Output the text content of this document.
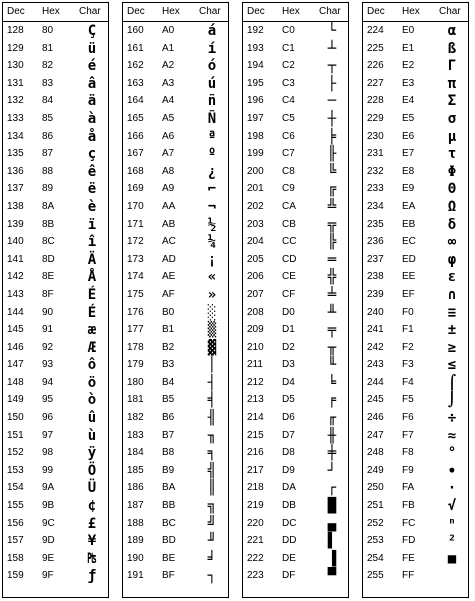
Dec Hex Char
128 80	Ç
129 81	ü
130 82	é
131 83	â
132 84	ä
133 85	à
134 86	å
135 87	ç
136 88	ê
137 89	ë
138 8A	è
139 8B	ï
140 8C	î
141 8D	Ä
142 8E	Å
143 8F	É
144 90	É
145 91	æ
146 92	Æ
147 93	ô
148 94	ö
149 95	ò
150 96	û
151 97	ù
152 98	ÿ
153 99	Ö
154 9A	Ü
155 9B	¢
156 9C	£
157 9D	¥
158 9E	₧
159 9F	ƒ
Dec Hex Char
160 A0	á
161 A1	í
162 A2	ó
163 A3	ú
164 A4	ñ
165 A5	Ñ
166 A6	ª
167 A7	º
168 A8	¿
169 A9	⌐
170 AA	¬
171 AB	½
172 AC	¼
173 AD	¡
174 AE	«
175 AF	»
176 B0	░
177 B1	▒
178 B2	▓
179 B3	│
180 B4	┤
181 B5	╡
182 B6	╢
183 B7	╖
184 B8	╕
185 B9	╣
186 BA	║
187 BB	╗
188 BC	╝
189 BD	╜
190 BE	╛
191 BF	┐
Dec Hex Char
192 C0	└
193 C1	┴
194 C2	┬
195 C3	├
196 C4	─
197 C5	┼
198 C6	╞
199 C7	╟
200 C8	╚
201 C9	╔
202 CA	╩
203 CB	╦
204 CC	╠
205 CD	═
206 CE	╬
207 CF	╧
208 D0	╨
209 D1	╤
210 D2	╥
211 D3	╙
212 D4	╘
213 D5	╒
214 D6	╓
215 D7	╫
216 D8	╪
217 D9	┘
218 DA	┌
219 DB	█
220 DC	▄
221 DD	▌
222 DE	▐
223 DF	▀
Dec Hex Char
224 E0	α
225 E1	ß
226 E2	Γ
227 E3	π
228 E4	Σ
229 E5	σ
230 E6	µ
231 E7	τ
232 E8	Φ
233 E9	Θ
234 EA	Ω
235 EB	δ
236 EC	∞
237 ED	φ
238 EE	ε
239 EF	∩
240 F0	≡
241 F1	±
242 F2	≥
243 F3	≤
244 F4	⌠
245 F5	⌡
246 F6	÷
247 F7	≈
248 F8	°
249 F9	∙
250 FA	·
251 FB	√
252 FC	ⁿ
253 FD	²
254 FE	■
255 FF
